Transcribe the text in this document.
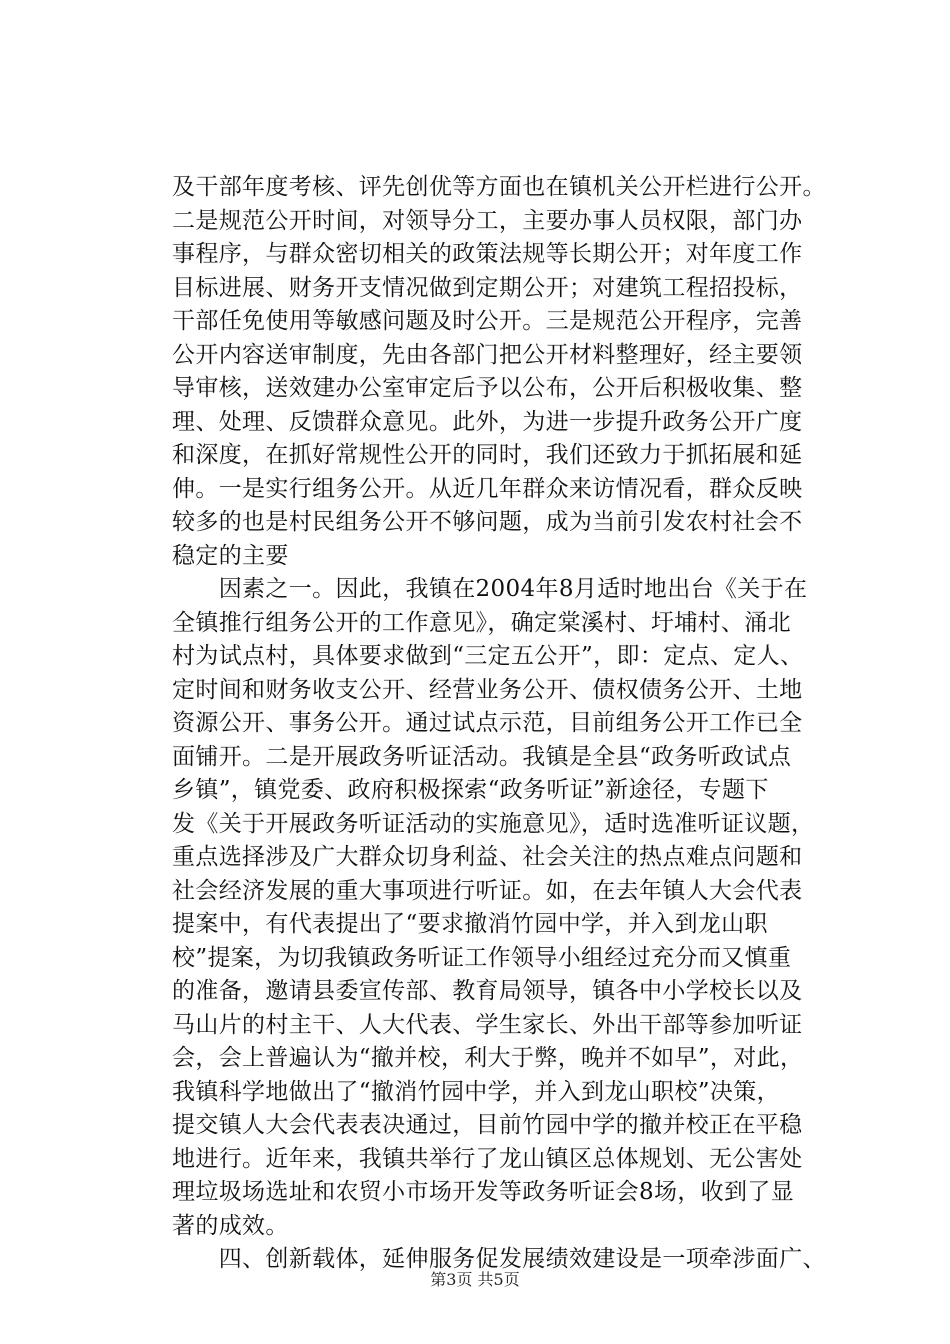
及干部年度考核、评先创优等方面也在镇机关公开栏进行公开。
二是规范公开时间，对领导分工，主要办事人员权限，部门办
事程序，与群众密切相关的政策法规等长期公开；对年度工作
目标进展、财务开支情况做到定期公开；对建筑工程招投标，
干部任免使用等敏感问题及时公开。三是规范公开程序，完善
公开内容送审制度，先由各部门把公开材料整理好，经主要领
导审核，送效建办公室审定后予以公布，公开后积极收集、整
理、处理、反馈群众意见。此外，为进一步提升政务公开广度
和深度，在抓好常规性公开的同时，我们还致力于抓拓展和延
伸。一是实行组务公开。从近几年群众来访情况看，群众反映
较多的也是村民组务公开不够问题，成为当前引发农村社会不
稳定的主要
　　因素之一。因此，我镇在2004年8月适时地出台《关于在
全镇推行组务公开的工作意见》，确定棠溪村、圩埔村、涌北
村为试点村，具体要求做到“三定五公开”，即：定点、定人、
定时间和财务收支公开、经营业务公开、债权债务公开、土地
资源公开、事务公开。通过试点示范，目前组务公开工作已全
面铺开。二是开展政务听证活动。我镇是全县“政务听政试点
乡镇”，镇党委、政府积极探索“政务听证”新途径，专题下
发《关于开展政务听证活动的实施意见》，适时选准听证议题，
重点选择涉及广大群众切身利益、社会关注的热点难点问题和
社会经济发展的重大事项进行听证。如，在去年镇人大会代表
提案中，有代表提出了“要求撤消竹园中学，并入到龙山职
校”提案，为切我镇政务听证工作领导小组经过充分而又慎重
的准备，邀请县委宣传部、教育局领导，镇各中小学校长以及
马山片的村主干、人大代表、学生家长、外出干部等参加听证
会，会上普遍认为“撤并校，利大于弊，晚并不如早”，对此，
我镇科学地做出了“撤消竹园中学，并入到龙山职校”决策，
提交镇人大会代表表决通过，目前竹园中学的撤并校正在平稳
地进行。近年来，我镇共举行了龙山镇区总体规划、无公害处
理垃圾场选址和农贸小市场开发等政务听证会8场，收到了显
著的成效。
　　四、创新载体，延伸服务促发展绩效建设是一项牵涉面广、
第3页 共5页
